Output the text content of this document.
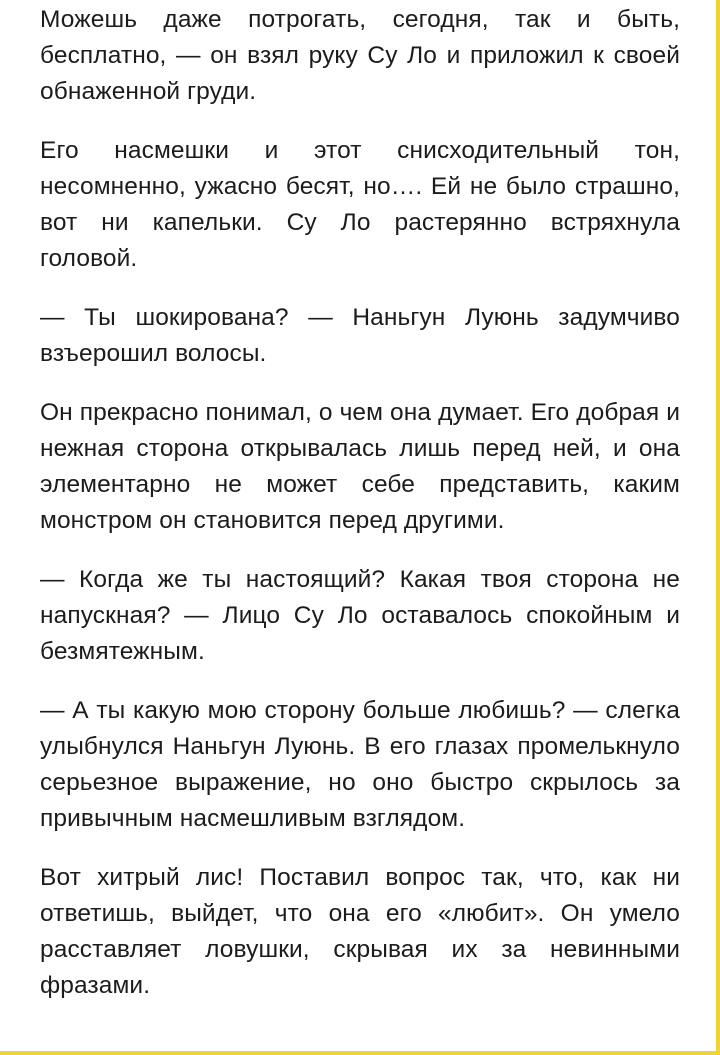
Можешь даже потрогать, сегодня, так и быть, бесплатно, — он взял руку Су Ло и приложил к своей обнаженной груди.

Его насмешки и этот снисходительный тон, несомненно, ужасно бесят, но…. Ей не было страшно, вот ни капельки. Су Ло растерянно встряхнула головой.

— Ты шокирована? — Наньгун Луюнь задумчиво взъерошил волосы.

Он прекрасно понимал, о чем она думает. Его добрая и нежная сторона открывалась лишь перед ней, и она элементарно не может себе представить, каким монстром он становится перед другими.

— Когда же ты настоящий? Какая твоя сторона не напускная? — Лицо Су Ло оставалось спокойным и безмятежным.

— А ты какую мою сторону больше любишь? — слегка улыбнулся Наньгун Луюнь. В его глазах промелькнуло серьезное выражение, но оно быстро скрылось за привычным насмешливым взглядом.

Вот хитрый лис! Поставил вопрос так, что, как ни ответишь, выйдет, что она его «любит». Он умело расставляет ловушки, скрывая их за невинными фразами.
